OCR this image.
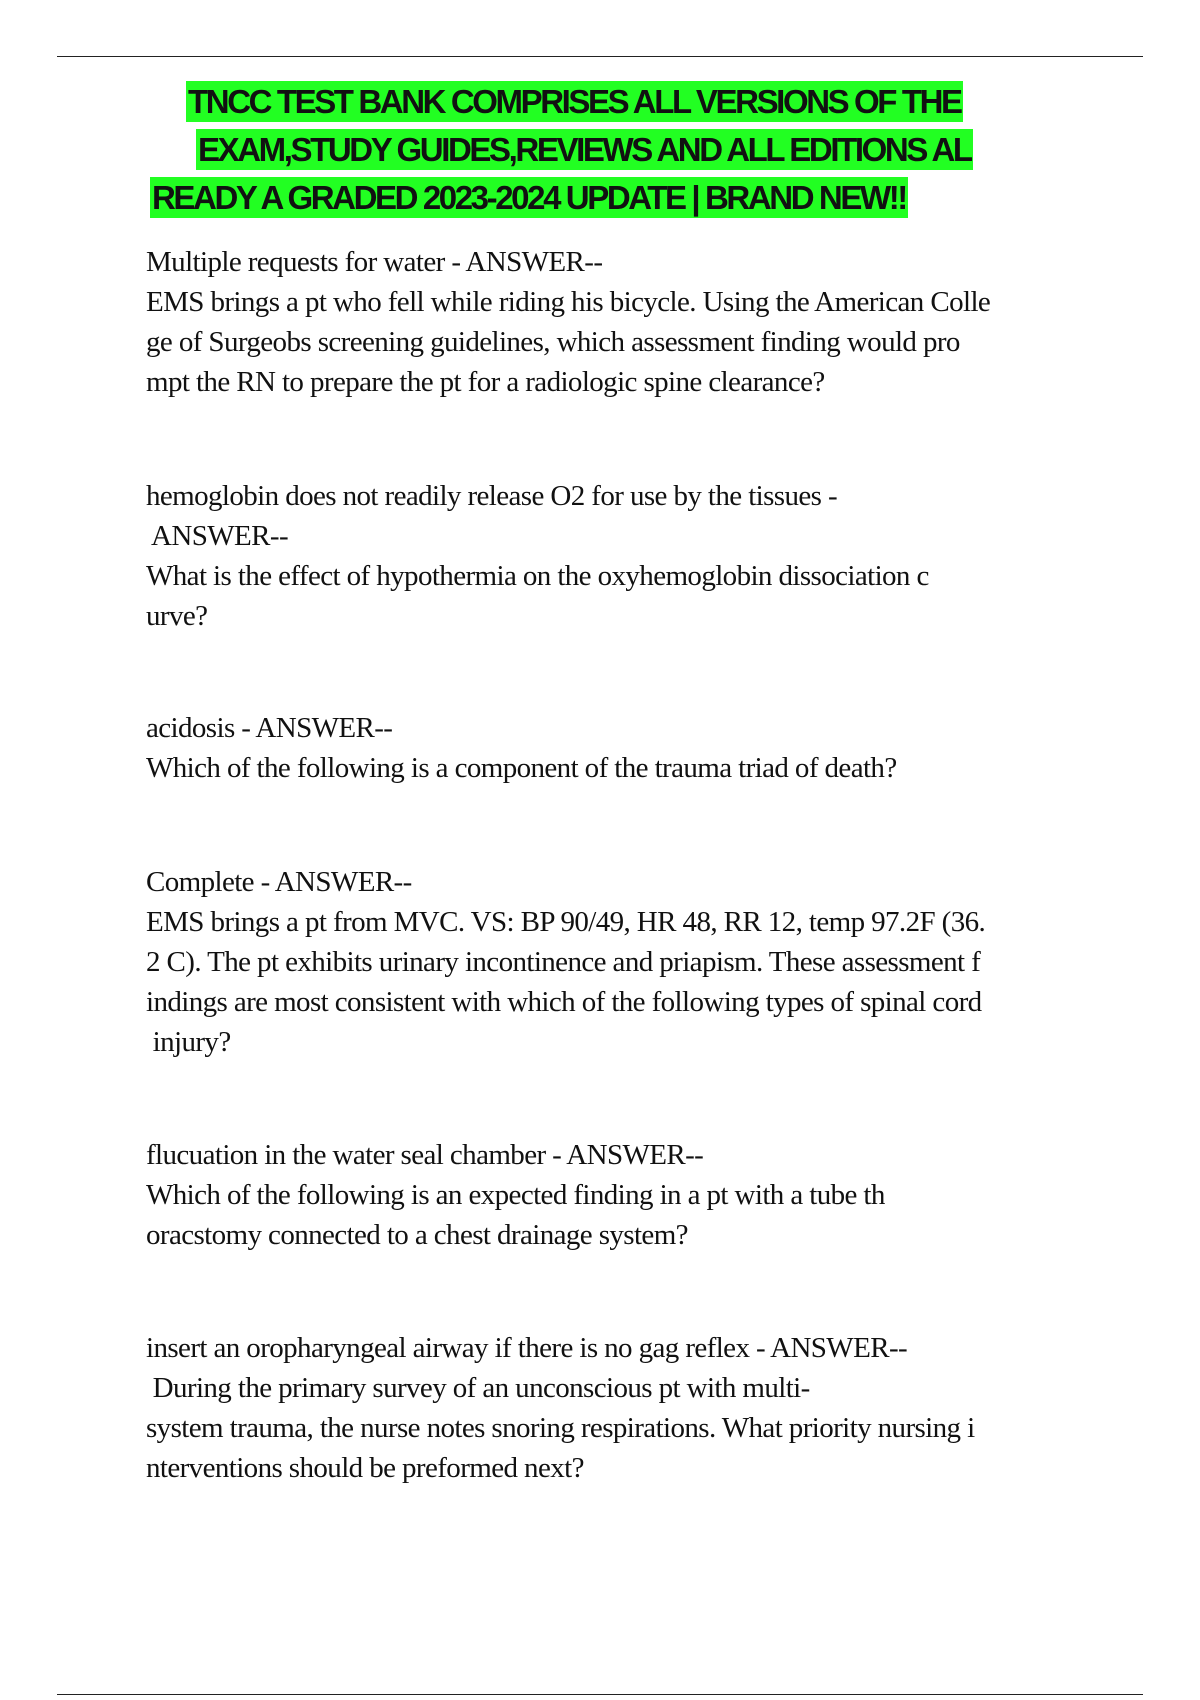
TNCC TEST BANK COMPRISES ALL VERSIONS OF THE
EXAM,STUDY GUIDES,REVIEWS AND ALL EDITIONS AL
READY A GRADED 2023-2024 UPDATE | BRAND NEW!!
Multiple requests for water - ANSWER--
EMS brings a pt who fell while riding his bicycle. Using the American Colle
ge of Surgeobs screening guidelines, which assessment finding would pro
mpt the RN to prepare the pt for a radiologic spine clearance?
hemoglobin does not readily release O2 for use by the tissues -
ANSWER--
What is the effect of hypothermia on the oxyhemoglobin dissociation c
urve?
acidosis - ANSWER--
Which of the following is a component of the trauma triad of death?
Complete - ANSWER--
EMS brings a pt from MVC. VS: BP 90/49, HR 48, RR 12, temp 97.2F (36.
2 C). The pt exhibits urinary incontinence and priapism. These assessment f
indings are most consistent with which of the following types of spinal cord
injury?
flucuation in the water seal chamber - ANSWER--
Which of the following is an expected finding in a pt with a tube th
oracstomy connected to a chest drainage system?
insert an oropharyngeal airway if there is no gag reflex - ANSWER--
During the primary survey of an unconscious pt with multi-
system trauma, the nurse notes snoring respirations. What priority nursing i
nterventions should be preformed next?
